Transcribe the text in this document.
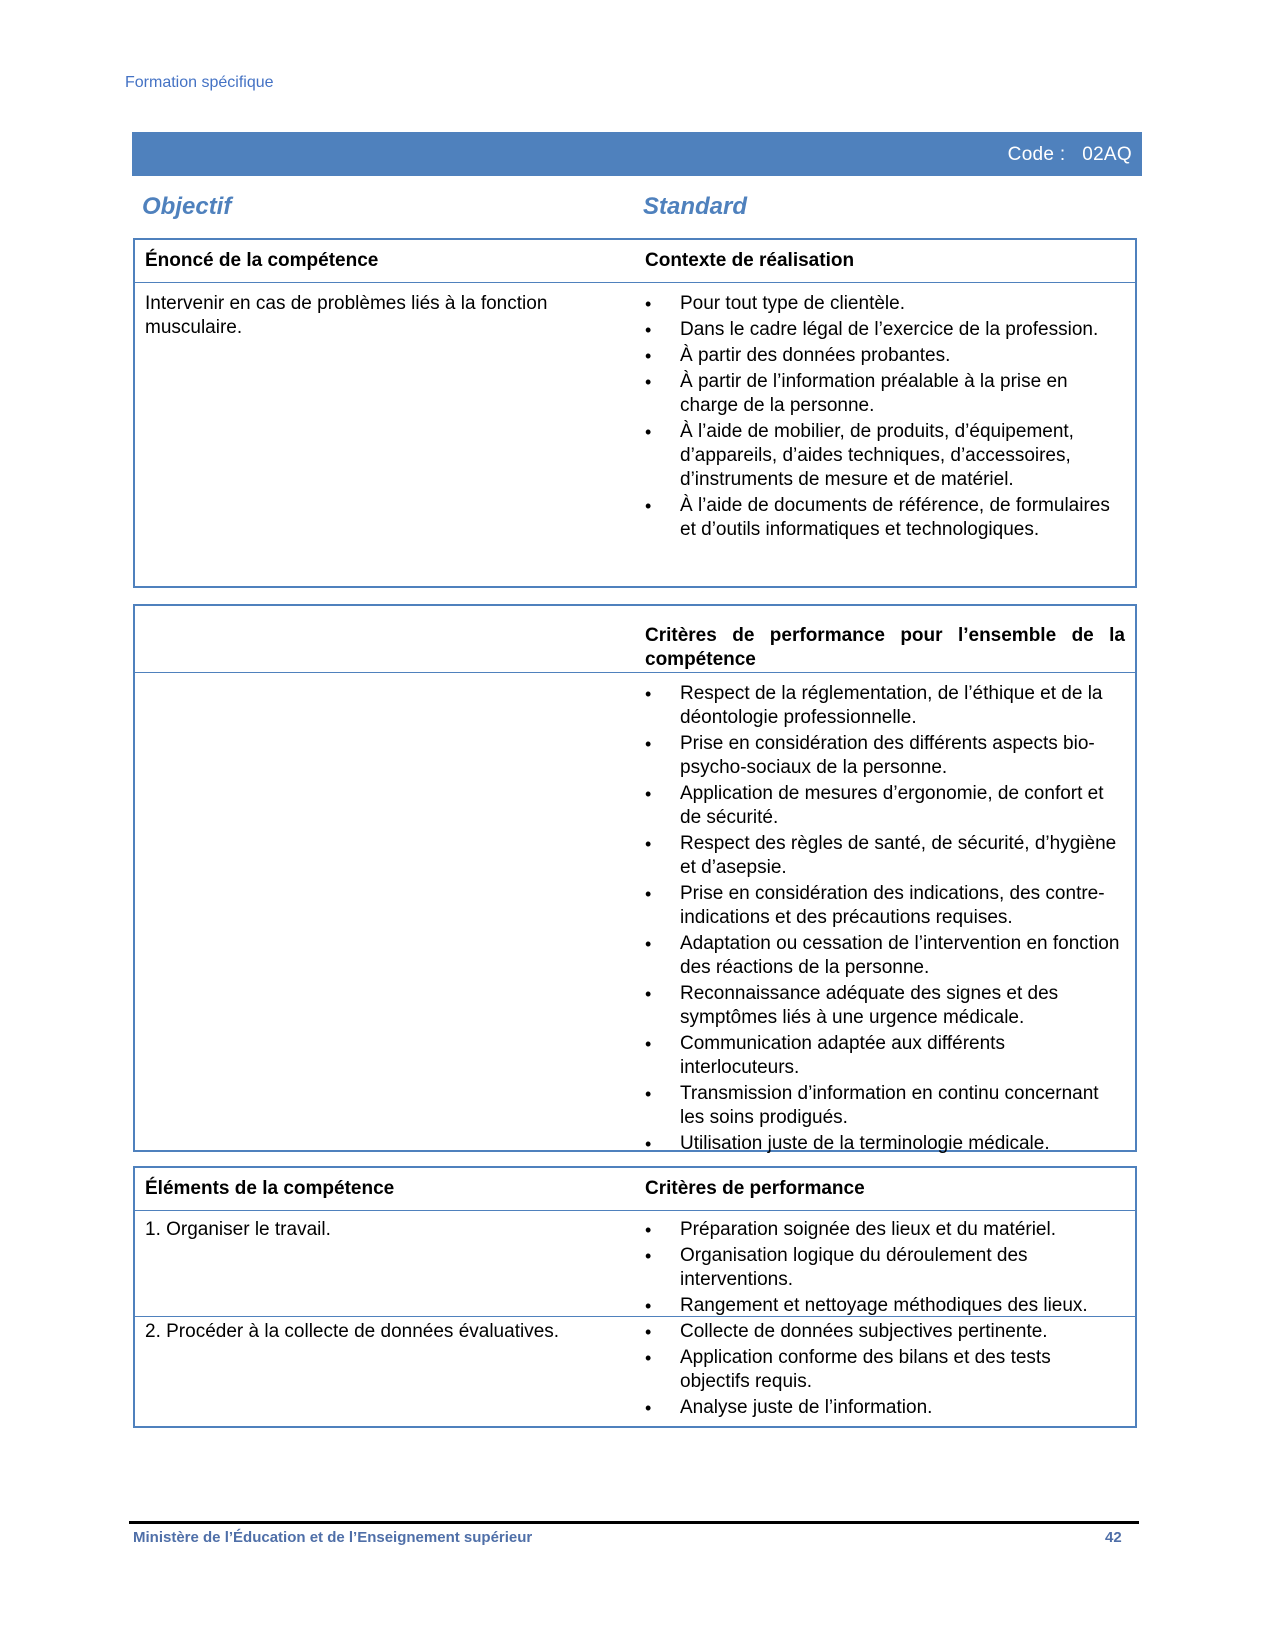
Formation spécifique
Code : 02AQ
Objectif	Standard
Énoncé de la compétence	Contexte de réalisation
Intervenir en cas de problèmes liés à la fonction musculaire.
• Pour tout type de clientèle.
• Dans le cadre légal de l’exercice de la profession.
• À partir des données probantes.
• À partir de l’information préalable à la prise en charge de la personne.
• À l’aide de mobilier, de produits, d’équipement, d’appareils, d’aides techniques, d’accessoires, d’instruments de mesure et de matériel.
• À l’aide de documents de référence, de formulaires et d’outils informatiques et technologiques.
Critères de performance pour l’ensemble de la compétence
• Respect de la réglementation, de l’éthique et de la déontologie professionnelle.
• Prise en considération des différents aspects bio-psycho-sociaux de la personne.
• Application de mesures d’ergonomie, de confort et de sécurité.
• Respect des règles de santé, de sécurité, d’hygiène et d’asepsie.
• Prise en considération des indications, des contre-indications et des précautions requises.
• Adaptation ou cessation de l’intervention en fonction des réactions de la personne.
• Reconnaissance adéquate des signes et des symptômes liés à une urgence médicale.
• Communication adaptée aux différents interlocuteurs.
• Transmission d’information en continu concernant les soins prodigués.
• Utilisation juste de la terminologie médicale.
Éléments de la compétence	Critères de performance
1. Organiser le travail.	• Préparation soignée des lieux et du matériel.
• Organisation logique du déroulement des interventions.
• Rangement et nettoyage méthodiques des lieux.
2. Procéder à la collecte de données évaluatives.	• Collecte de données subjectives pertinente.
• Application conforme des bilans et des tests objectifs requis.
• Analyse juste de l’information.
Ministère de l’Éducation et de l’Enseignement supérieur	42
